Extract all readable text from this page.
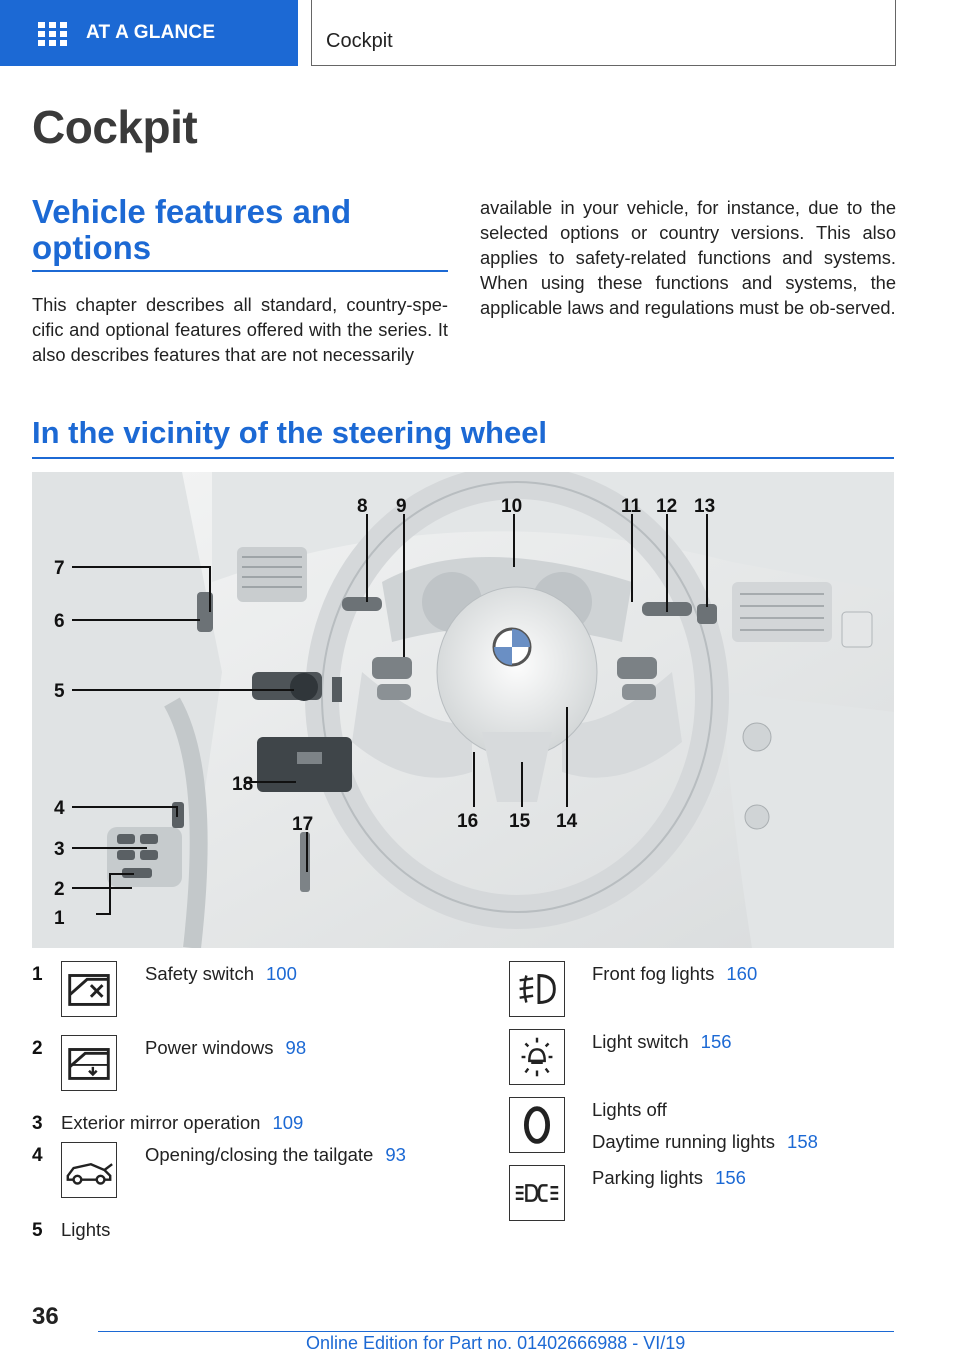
AT A GLANCE	Cockpit
Cockpit
Vehicle features and options

This chapter describes all standard, country-spe-cific and optional features offered with the series. It also describes features that are not necessarily

available in your vehicle, for instance, due to the selected options or country versions. This also applies to safety-related functions and systems. When using these functions and systems, the applicable laws and regulations must be ob-served.

In the vicinity of the steering wheel
7
6
5
4
3
2
1
18
17
8 9	10	11 12 13
16 15 14
1	Safety switch 100
2	Power windows 98
3 Exterior mirror operation 109
4	Opening/closing the tailgate 93
5 Lights
Front fog lights 160
Light switch 156
Lights off
Daytime running lights 158
Parking lights 156
36
Online Edition for Part no. 01402666988 - VI/19
